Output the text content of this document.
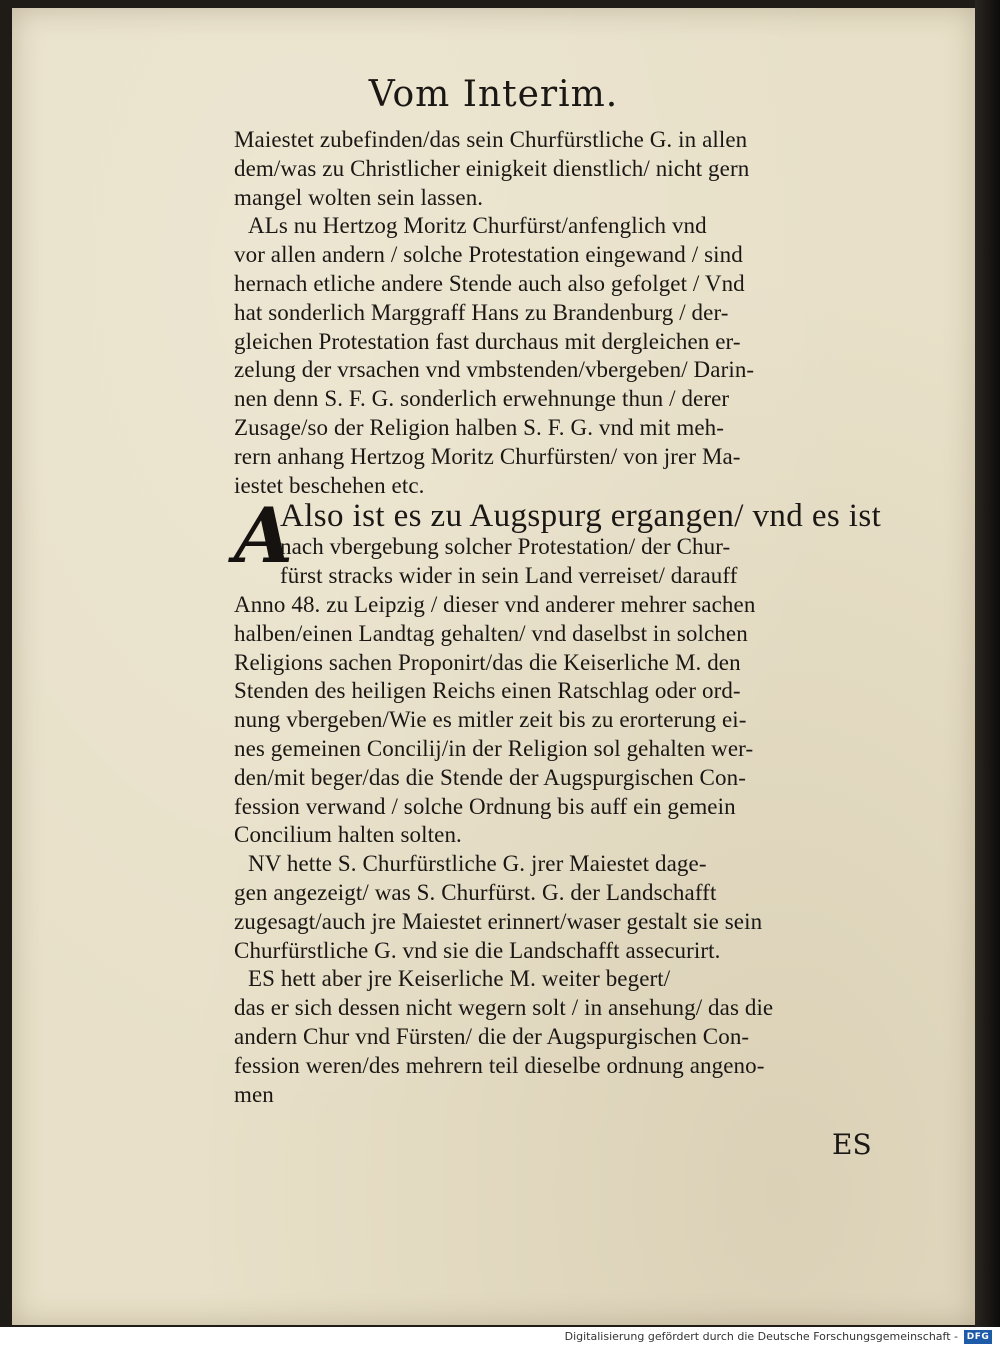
Vom Interim.
Maiestet zubefinden/das sein Churfürstliche G. in allen
dem/was zu Christlicher einigkeit dienstlich/ nicht gern
mangel wolten sein lassen.
ALs nu Hertzog Moritz Churfürst/anfenglich vnd
vor allen andern / solche Protestation eingewand / sind
hernach etliche andere Stende auch also gefolget / Vnd
hat sonderlich Marggraff Hans zu Brandenburg / der-
gleichen Protestation fast durchaus mit dergleichen er-
zelung der vrsachen vnd vmbstenden/vbergeben/ Darin-
nen denn S. F. G. sonderlich erwehnunge thun / derer
Zusage/so der Religion halben S. F. G. vnd mit meh-
rern anhang Hertzog Moritz Churfürsten/ von jrer Ma-
iestet beschehen etc.
A
Also ist es zu Augspurg ergangen/ vnd es ist
nach vbergebung solcher Protestation/ der Chur-
fürst stracks wider in sein Land verreiset/ darauff
Anno 48. zu Leipzig / dieser vnd anderer mehrer sachen
halben/einen Landtag gehalten/ vnd daselbst in solchen
Religions sachen Proponirt/das die Keiserliche M. den
Stenden des heiligen Reichs einen Ratschlag oder ord-
nung vbergeben/Wie es mitler zeit bis zu erorterung ei-
nes gemeinen Concilij/in der Religion sol gehalten wer-
den/mit beger/das die Stende der Augspurgischen Con-
fession verwand / solche Ordnung bis auff ein gemein
Concilium halten solten.
NV hette S. Churfürstliche G. jrer Maiestet dage-
gen angezeigt/ was S. Churfürst. G. der Landschafft
zugesagt/auch jre Maiestet erinnert/waser gestalt sie sein
Churfürstliche G. vnd sie die Landschafft assecurirt.
ES hett aber jre Keiserliche M. weiter begert/
das er sich dessen nicht wegern solt / in ansehung/ das die
andern Chur vnd Fürsten/ die der Augspurgischen Con-
fession weren/des mehrern teil dieselbe ordnung angeno-
men
ES
Digitalisierung gefördert durch die Deutsche Forschungsgemeinschaft - DFG
